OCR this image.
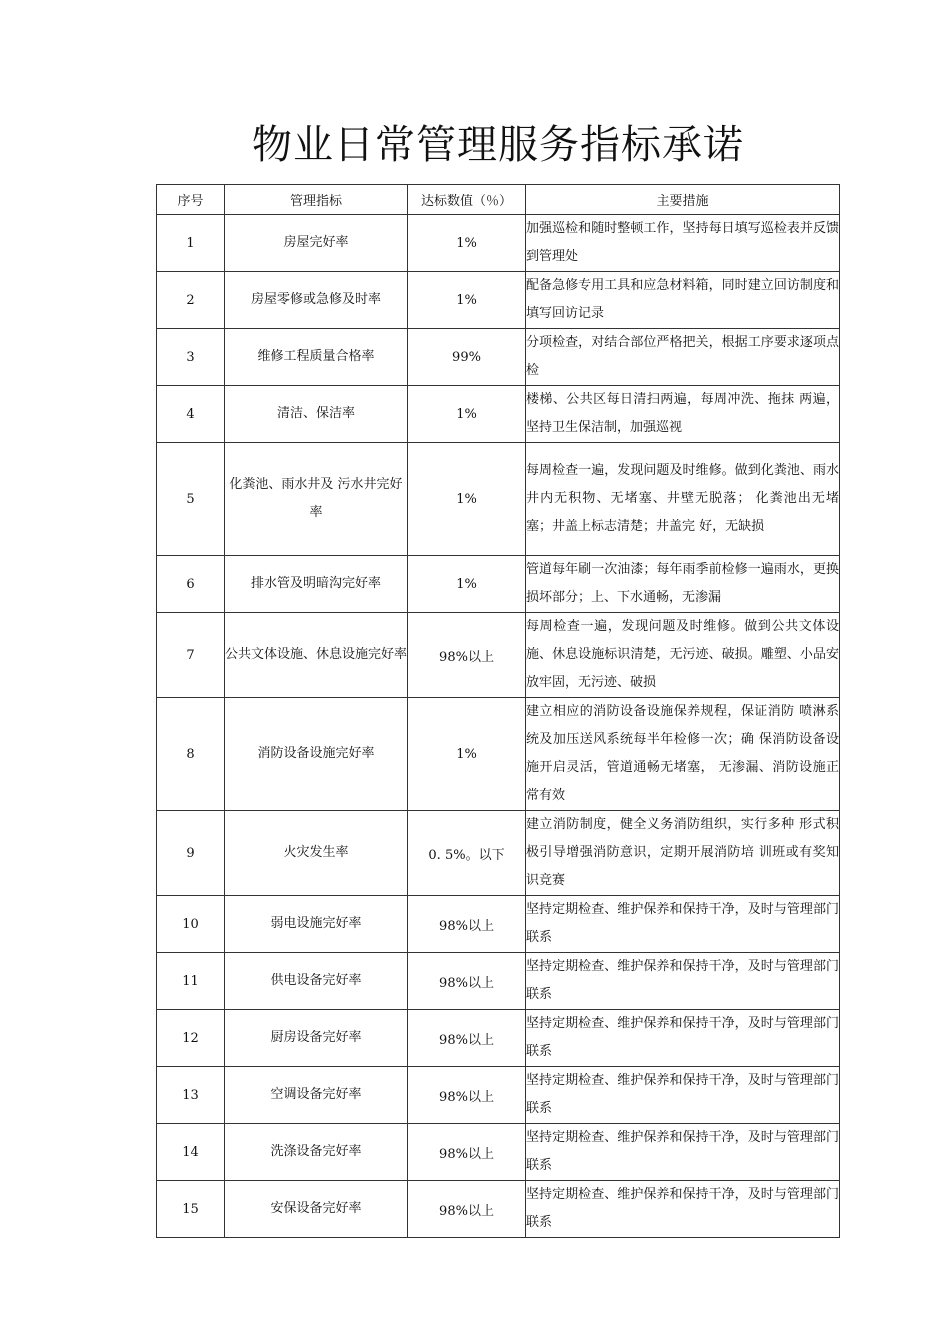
物业日常管理服务指标承诺
序号	管理指标	达标数值（％）	主要措施
1	房屋完好率	1%	加强巡检和随时整顿工作，坚持每日填写巡检表并反馈到管理处
2	房屋零修或急修及时率	1%	配备急修专用工具和应急材料箱，同时建立回访制度和填写回访记录
3	维修工程质量合格率	99%	分项检查，对结合部位严格把关，根据工序要求逐项点检
4	清洁、保洁率	1%	楼梯、公共区每日清扫两遍，每周冲洗、拖抹 两遍，坚持卫生保洁制，加强巡视
5	化粪池、雨水井及 污水井完好率	1%	每周检查一遍，发现问题及时维修。做到化粪池、雨水井内无积物、无堵塞、井壁无脱落； 化粪池出无堵塞；井盖上标志清楚；井盖完 好，无缺损
6	排水管及明暗沟完好率	1%	管道每年刷一次油漆；每年雨季前检修一遍雨水，更换损坏部分；上、下水通畅，无渗漏
7	公共文体设施、休息设施完好率	98%以上	每周检查一遍，发现问题及时维修。做到公共文体设施、休息设施标识清楚，无污迹、破损。雕塑、小品安放牢固，无污迹、破损
8	消防设备设施完好率	1%	建立相应的消防设备设施保养规程，保证消防 喷淋系统及加压送风系统每半年检修一次；确 保消防设备设施开启灵活，管道通畅无堵塞， 无渗漏、消防设施正常有效
9	火灾发生率	0. 5%。以下	建立消防制度，健全义务消防组织，实行多种 形式积极引导增强消防意识，定期开展消防培 训班或有奖知识竞赛
10	弱电设施完好率	98%以上	坚持定期检查、维护保养和保持干净，及时与管理部门联系
11	供电设备完好率	98%以上	坚持定期检查、维护保养和保持干净，及时与管理部门联系
12	厨房设备完好率	98%以上	坚持定期检查、维护保养和保持干净，及时与管理部门联系
13	空调设备完好率	98%以上	坚持定期检查、维护保养和保持干净，及时与管理部门联系
14	洗涤设备完好率	98%以上	坚持定期检查、维护保养和保持干净，及时与管理部门联系
15	安保设备完好率	98%以上	坚持定期检查、维护保养和保持干净，及时与管理部门联系
